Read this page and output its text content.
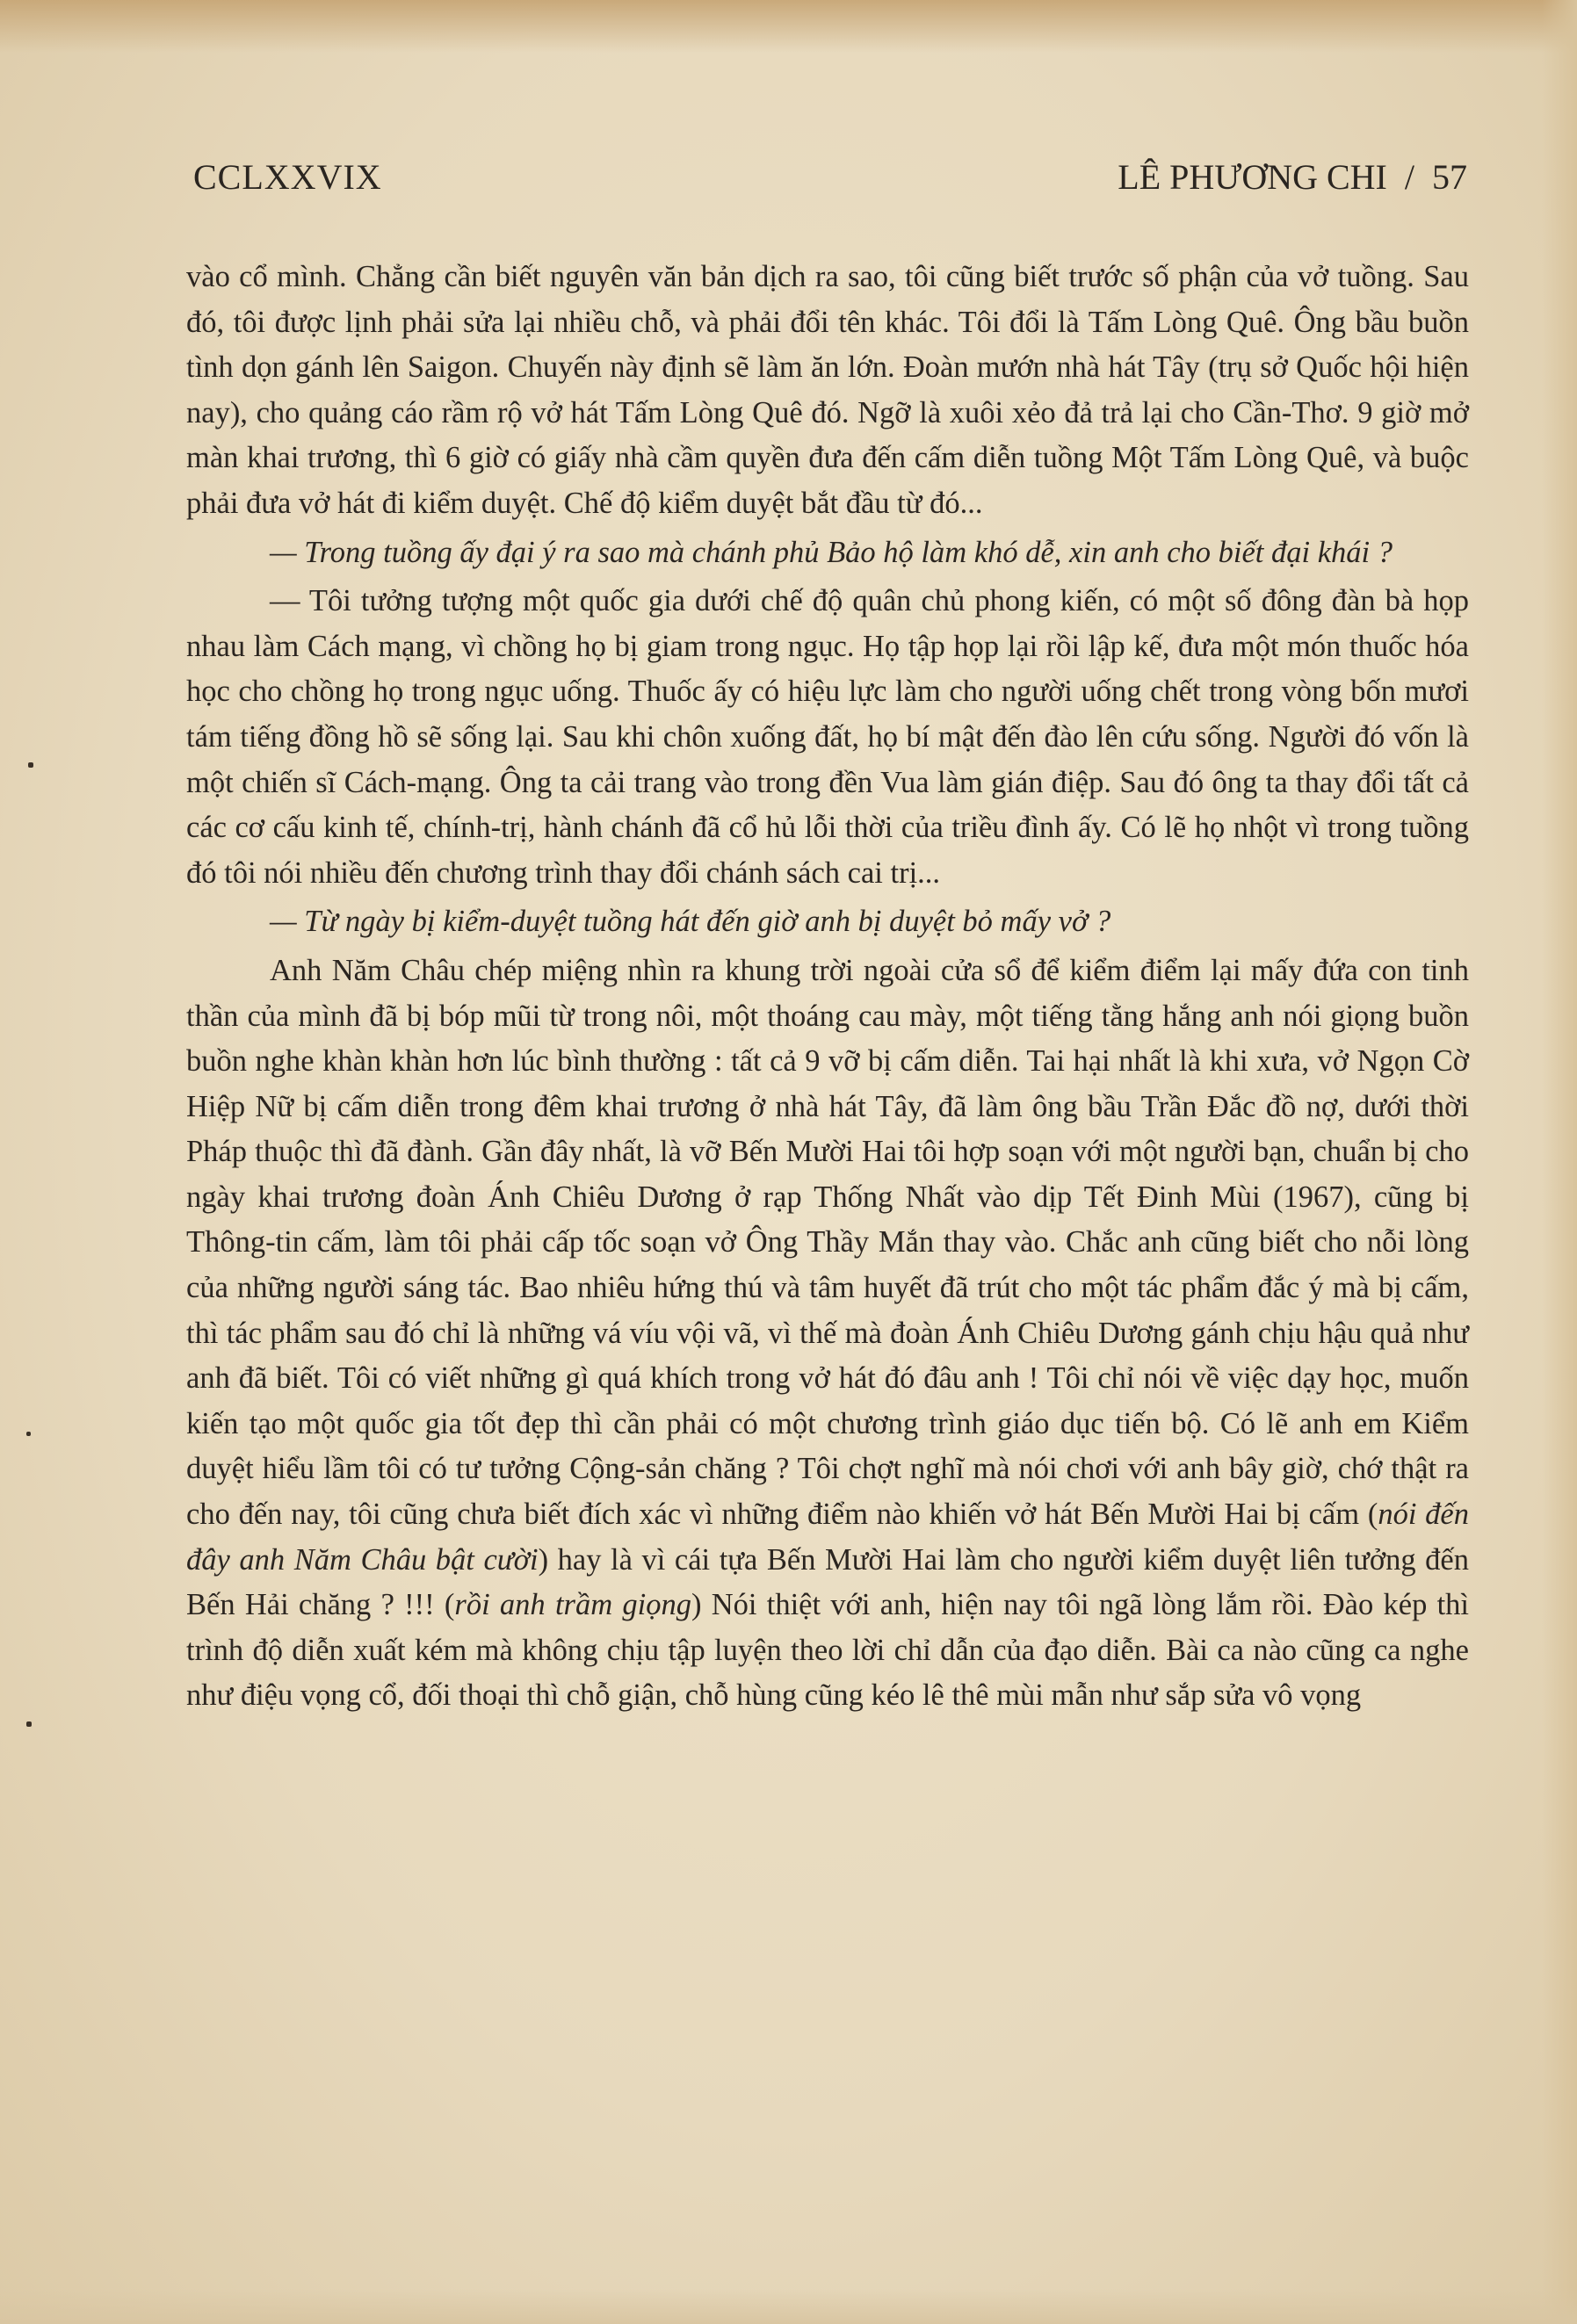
CCLXXVIX	LÊ PHƯƠNG CHI  /  57

vào cổ mình. Chẳng cần biết nguyên văn bản dịch ra sao, tôi cũng biết trước số phận của vở tuồng. Sau đó, tôi được lịnh phải sửa lại nhiều chỗ, và phải đổi tên khác. Tôi đổi là Tấm Lòng Quê. Ông bầu buồn tình dọn gánh lên Saigon. Chuyến này định sẽ làm ăn lớn. Đoàn mướn nhà hát Tây (trụ sở Quốc hội hiện nay), cho quảng cáo rầm rộ vở hát Tấm Lòng Quê đó. Ngỡ là xuôi xẻo đả trả lại cho Cần-Thơ. 9 giờ mở màn khai trương, thì 6 giờ có giấy nhà cầm quyền đưa đến cấm diễn tuồng Một Tấm Lòng Quê, và buộc phải đưa vở hát đi kiểm duyệt. Chế độ kiểm duyệt bắt đầu từ đó...

— Trong tuồng ấy đại ý ra sao mà chánh phủ Bảo hộ làm khó dễ, xin anh cho biết đại khái ?

— Tôi tưởng tượng một quốc gia dưới chế độ quân chủ phong kiến, có một số đông đàn bà họp nhau làm Cách mạng, vì chồng họ bị giam trong ngục. Họ tập họp lại rồi lập kế, đưa một món thuốc hóa học cho chồng họ trong ngục uống. Thuốc ấy có hiệu lực làm cho người uống chết trong vòng bốn mươi tám tiếng đồng hồ sẽ sống lại. Sau khi chôn xuống đất, họ bí mật đến đào lên cứu sống. Người đó vốn là một chiến sĩ Cách-mạng. Ông ta cải trang vào trong đền Vua làm gián điệp. Sau đó ông ta thay đổi tất cả các cơ cấu kinh tế, chính-trị, hành chánh đã cổ hủ lỗi thời của triều đình ấy. Có lẽ họ nhột vì trong tuồng đó tôi nói nhiều đến chương trình thay đổi chánh sách cai trị...

— Từ ngày bị kiểm-duyệt tuồng hát đến giờ anh bị duyệt bỏ mấy vở ?

Anh Năm Châu chép miệng nhìn ra khung trời ngoài cửa sổ để kiểm điểm lại mấy đứa con tinh thần của mình đã bị bóp mũi từ trong nôi, một thoáng cau mày, một tiếng tằng hắng anh nói giọng buồn buồn nghe khàn khàn hơn lúc bình thường : tất cả 9 vỡ bị cấm diễn. Tai hại nhất là khi xưa, vở Ngọn Cờ Hiệp Nữ bị cấm diễn trong đêm khai trương ở nhà hát Tây, đã làm ông bầu Trần Đắc đồ nợ, dưới thời Pháp thuộc thì đã đành. Gần đây nhất, là vỡ Bến Mười Hai tôi hợp soạn với một người bạn, chuẩn bị cho ngày khai trương đoàn Ánh Chiêu Dương ở rạp Thống Nhất vào dịp Tết Đinh Mùi (1967), cũng bị Thông-tin cấm, làm tôi phải cấp tốc soạn vở Ông Thầy Mắn thay vào. Chắc anh cũng biết cho nỗi lòng của những người sáng tác. Bao nhiêu hứng thú và tâm huyết đã trút cho một tác phẩm đắc ý mà bị cấm, thì tác phẩm sau đó chỉ là những vá víu vội vã, vì thế mà đoàn Ánh Chiêu Dương gánh chịu hậu quả như anh đã biết. Tôi có viết những gì quá khích trong vở hát đó đâu anh ! Tôi chỉ nói về việc dạy học, muốn kiến tạo một quốc gia tốt đẹp thì cần phải có một chương trình giáo dục tiến bộ. Có lẽ anh em Kiểm duyệt hiểu lầm tôi có tư tưởng Cộng-sản chăng ? Tôi chợt nghĩ mà nói chơi với anh bây giờ, chớ thật ra cho đến nay, tôi cũng chưa biết đích xác vì những điểm nào khiến vở hát Bến Mười Hai bị cấm (nói đến đây anh Năm Châu bật cười) hay là vì cái tựa Bến Mười Hai làm cho người kiểm duyệt liên tưởng đến Bến Hải chăng ? !!! (rồi anh trầm giọng) Nói thiệt với anh, hiện nay tôi ngã lòng lắm rồi. Đào kép thì trình độ diễn xuất kém mà không chịu tập luyện theo lời chỉ dẫn của đạo diễn. Bài ca nào cũng ca nghe như điệu vọng cổ, đối thoại thì chỗ giận, chỗ hùng cũng kéo lê thê mùi mẫn như sắp sửa vô vọng
